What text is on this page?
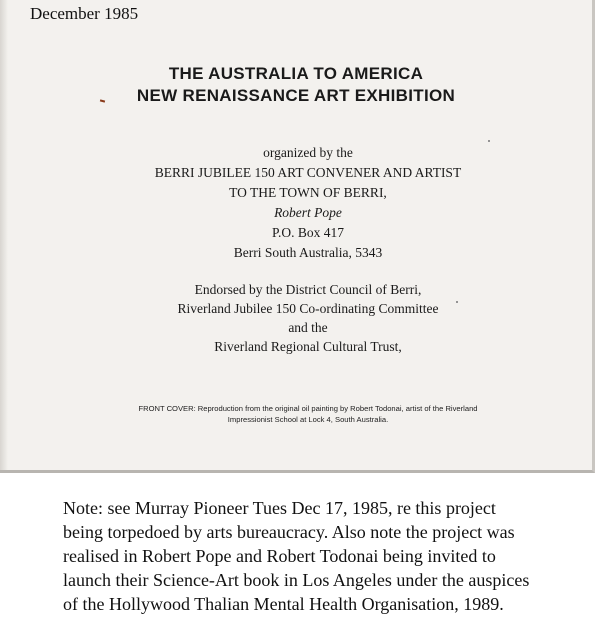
December 1985
THE AUSTRALIA TO AMERICA
NEW RENAISSANCE ART EXHIBITION
organized by the
BERRI JUBILEE 150 ART CONVENER AND ARTIST
TO THE TOWN OF BERRI,
Robert Pope
P.O. Box 417
Berri South Australia, 5343
Endorsed by the District Council of Berri,
Riverland Jubilee 150 Co-ordinating Committee
and the
Riverland Regional Cultural Trust,
FRONT COVER: Reproduction from the original oil painting by Robert Todonai, artist of the Riverland
Impressionist School at Lock 4, South Australia.
Note: see Murray Pioneer Tues Dec 17, 1985, re this project
being torpedoed by arts bureaucracy. Also note the project was
realised in Robert Pope and Robert Todonai being invited to
launch their Science-Art book in Los Angeles under the auspices
of the Hollywood Thalian Mental Health Organisation, 1989.
